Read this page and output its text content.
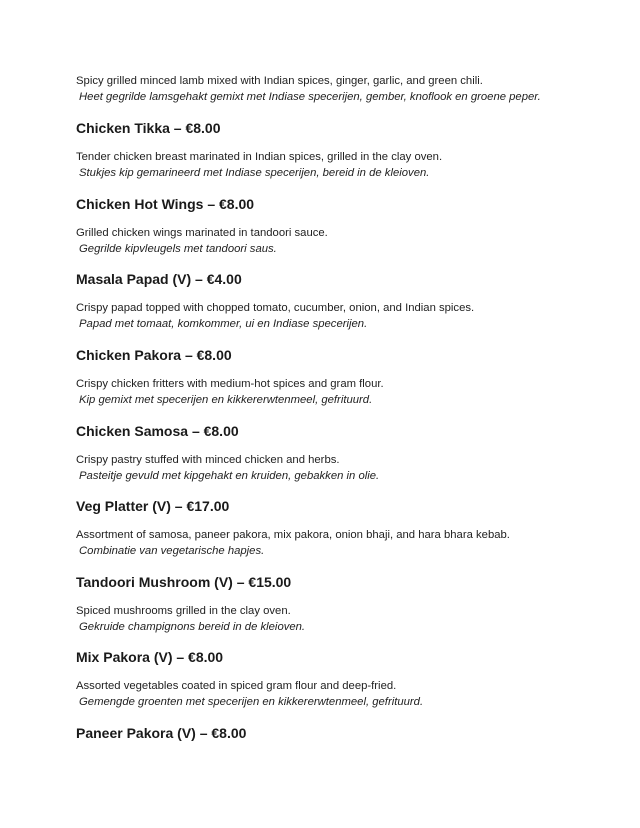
Spicy grilled minced lamb mixed with Indian spices, ginger, garlic, and green chili.

Heet gegrilde lamsgehakt gemixt met Indiase specerijen, gember, knoflook en groene peper.

Chicken Tikka – €8.00

Tender chicken breast marinated in Indian spices, grilled in the clay oven.

Stukjes kip gemarineerd met Indiase specerijen, bereid in de kleioven.

Chicken Hot Wings – €8.00

Grilled chicken wings marinated in tandoori sauce.

Gegrilde kipvleugels met tandoori saus.

Masala Papad (V) – €4.00

Crispy papad topped with chopped tomato, cucumber, onion, and Indian spices.

Papad met tomaat, komkommer, ui en Indiase specerijen.

Chicken Pakora – €8.00

Crispy chicken fritters with medium-hot spices and gram flour.

Kip gemixt met specerijen en kikkererwtenmeel, gefrituurd.

Chicken Samosa – €8.00

Crispy pastry stuffed with minced chicken and herbs.

Pasteitje gevuld met kipgehakt en kruiden, gebakken in olie.

Veg Platter (V) – €17.00

Assortment of samosa, paneer pakora, mix pakora, onion bhaji, and hara bhara kebab.

Combinatie van vegetarische hapjes.

Tandoori Mushroom (V) – €15.00

Spiced mushrooms grilled in the clay oven.

Gekruide champignons bereid in de kleioven.

Mix Pakora (V) – €8.00

Assorted vegetables coated in spiced gram flour and deep-fried.

Gemengde groenten met specerijen en kikkererwtenmeel, gefrituurd.

Paneer Pakora (V) – €8.00
